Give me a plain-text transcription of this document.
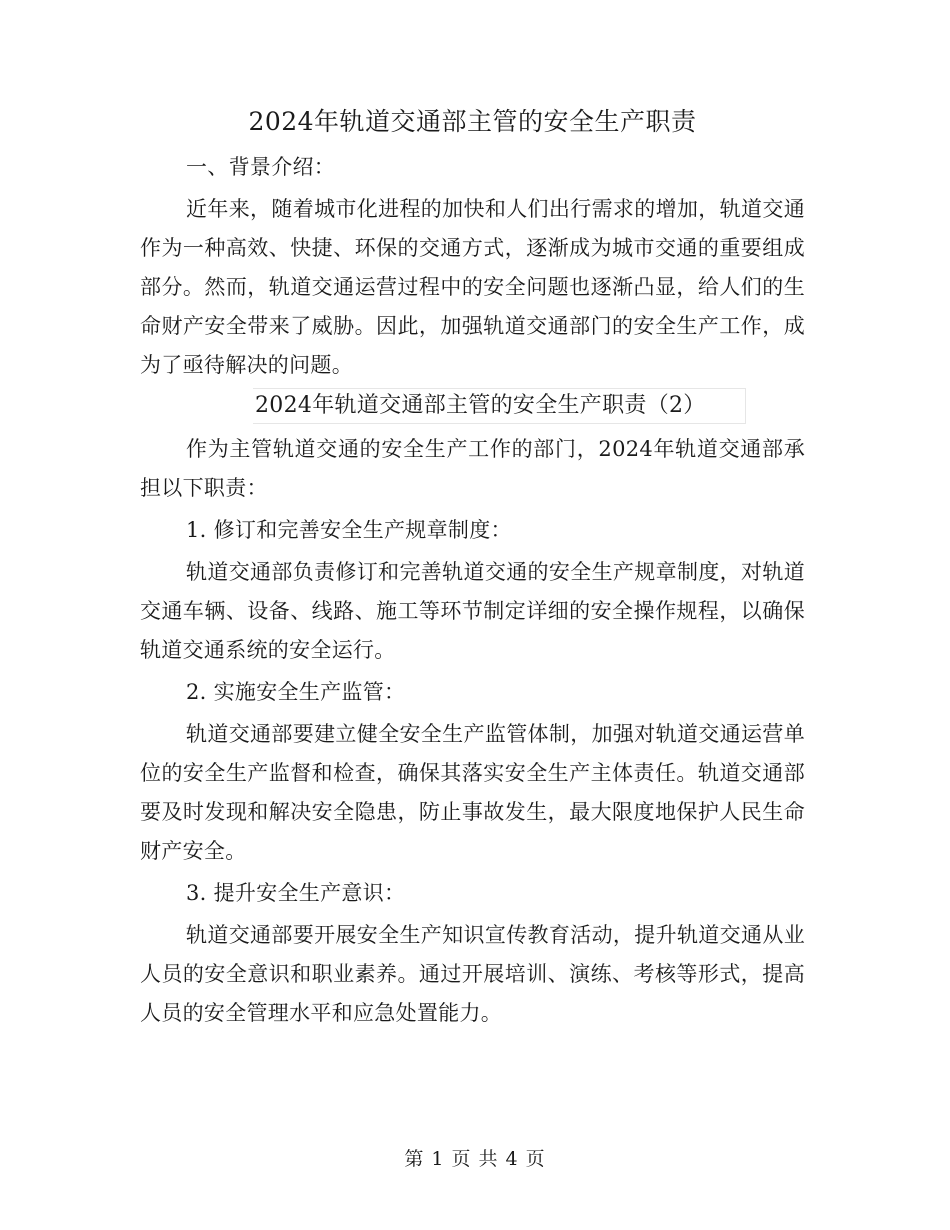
2024年轨道交通部主管的安全生产职责
一、背景介绍：
近年来，随着城市化进程的加快和人们出行需求的增加，轨道交通作为一种高效、快捷、环保的交通方式，逐渐成为城市交通的重要组成部分。然而，轨道交通运营过程中的安全问题也逐渐凸显，给人们的生命财产安全带来了威胁。因此，加强轨道交通部门的安全生产工作，成为了亟待解决的问题。
2024年轨道交通部主管的安全生产职责（2）
作为主管轨道交通的安全生产工作的部门，2024年轨道交通部承担以下职责：
1. 修订和完善安全生产规章制度：
轨道交通部负责修订和完善轨道交通的安全生产规章制度，对轨道交通车辆、设备、线路、施工等环节制定详细的安全操作规程，以确保轨道交通系统的安全运行。
2. 实施安全生产监管：
轨道交通部要建立健全安全生产监管体制，加强对轨道交通运营单位的安全生产监督和检查，确保其落实安全生产主体责任。轨道交通部要及时发现和解决安全隐患，防止事故发生，最大限度地保护人民生命财产安全。
3. 提升安全生产意识：
轨道交通部要开展安全生产知识宣传教育活动，提升轨道交通从业人员的安全意识和职业素养。通过开展培训、演练、考核等形式，提高人员的安全管理水平和应急处置能力。
第 1 页 共 4 页
